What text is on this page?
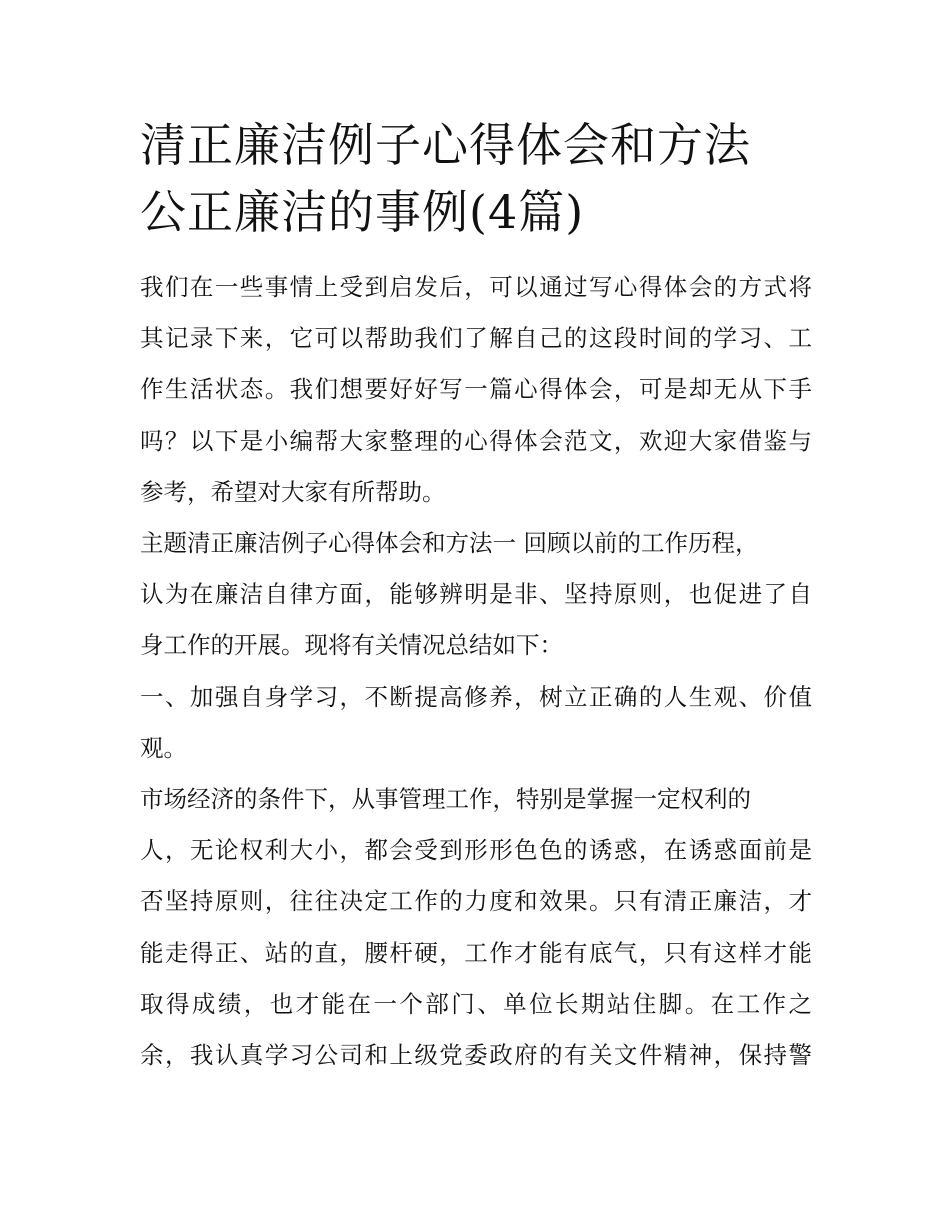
清正廉洁例子心得体会和方法
公正廉洁的事例(4篇)
我们在一些事情上受到启发后，可以通过写心得体会的方式将
其记录下来，它可以帮助我们了解自己的这段时间的学习、工
作生活状态。我们想要好好写一篇心得体会，可是却无从下手
吗？以下是小编帮大家整理的心得体会范文，欢迎大家借鉴与
参考，希望对大家有所帮助。
主题清正廉洁例子心得体会和方法一 回顾以前的工作历程，
认为在廉洁自律方面，能够辨明是非、坚持原则，也促进了自
身工作的开展。现将有关情况总结如下：
一、加强自身学习，不断提高修养，树立正确的人生观、价值
观。
市场经济的条件下，从事管理工作，特别是掌握一定权利的
人，无论权利大小，都会受到形形色色的诱惑，在诱惑面前是
否坚持原则，往往决定工作的力度和效果。只有清正廉洁，才
能走得正、站的直，腰杆硬，工作才能有底气，只有这样才能
取得成绩，也才能在一个部门、单位长期站住脚。在工作之
余，我认真学习公司和上级党委政府的有关文件精神，保持警
